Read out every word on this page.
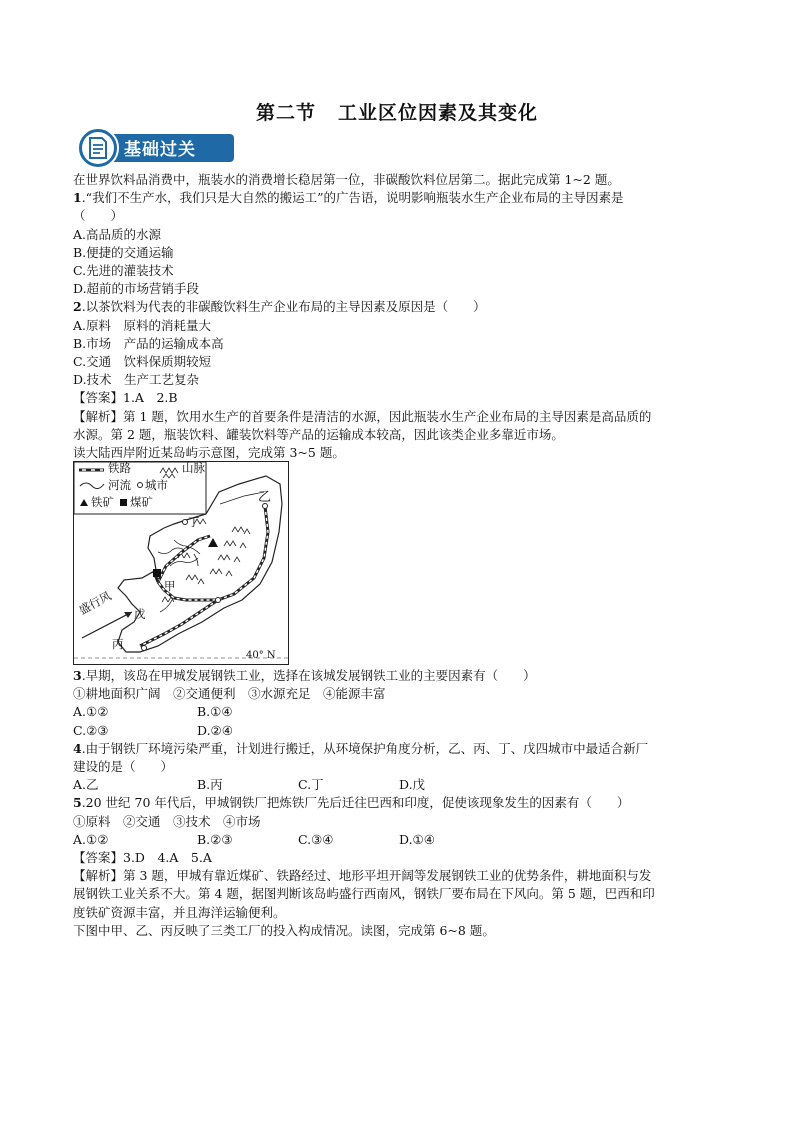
第二节 工业区位因素及其变化
基础过关
在世界饮料品消费中，瓶装水的消费增长稳居第一位，非碳酸饮料位居第二。据此完成第 1~2 题。
1.“我们不生产水，我们只是大自然的搬运工”的广告语，说明影响瓶装水生产企业布局的主导因素是
（　　）
A.高品质的水源
B.便捷的交通运输
C.先进的灌装技术
D.超前的市场营销手段
2.以茶饮料为代表的非碳酸饮料生产企业布局的主导因素及原因是（　　）
A.原料　原料的消耗量大
B.市场　产品的运输成本高
C.交通　饮料保质期较短
D.技术　生产工艺复杂
【答案】1.A　2.B
【解析】第 1 题，饮用水生产的首要条件是清洁的水源，因此瓶装水生产企业布局的主导因素是高品质的
水源。第 2 题，瓶装饮料、罐装饮料等产品的运输成本较高，因此该类企业多靠近市场。
读大陆西岸附近某岛屿示意图，完成第 3~5 题。
铁路	山脉
河流 城市
铁矿 煤矿	乙
丁
甲
戊
丙
盛行风
40° N
3.早期，该岛在甲城发展钢铁工业，选择在该城发展钢铁工业的主要因素有（　　）
①耕地面积广阔　②交通便利　③水源充足　④能源丰富
A.①②	B.①④
C.②③	D.②④
4.由于钢铁厂环境污染严重，计划进行搬迁，从环境保护角度分析，乙、丙、丁、戊四城市中最适合新厂
建设的是（　　）
A.乙	B.丙	C.丁	D.戊
5.20 世纪 70 年代后，甲城钢铁厂把炼铁厂先后迁往巴西和印度，促使该现象发生的因素有（　　）
①原料　②交通　③技术　④市场
A.①②	B.②③	C.③④	D.①④
【答案】3.D　4.A　5.A
【解析】第 3 题，甲城有靠近煤矿、铁路经过、地形平坦开阔等发展钢铁工业的优势条件，耕地面积与发
展钢铁工业关系不大。第 4 题，据图判断该岛屿盛行西南风，钢铁厂要布局在下风向。第 5 题，巴西和印
度铁矿资源丰富，并且海洋运输便利。
下图中甲、乙、丙反映了三类工厂的投入构成情况。读图，完成第 6~8 题。
